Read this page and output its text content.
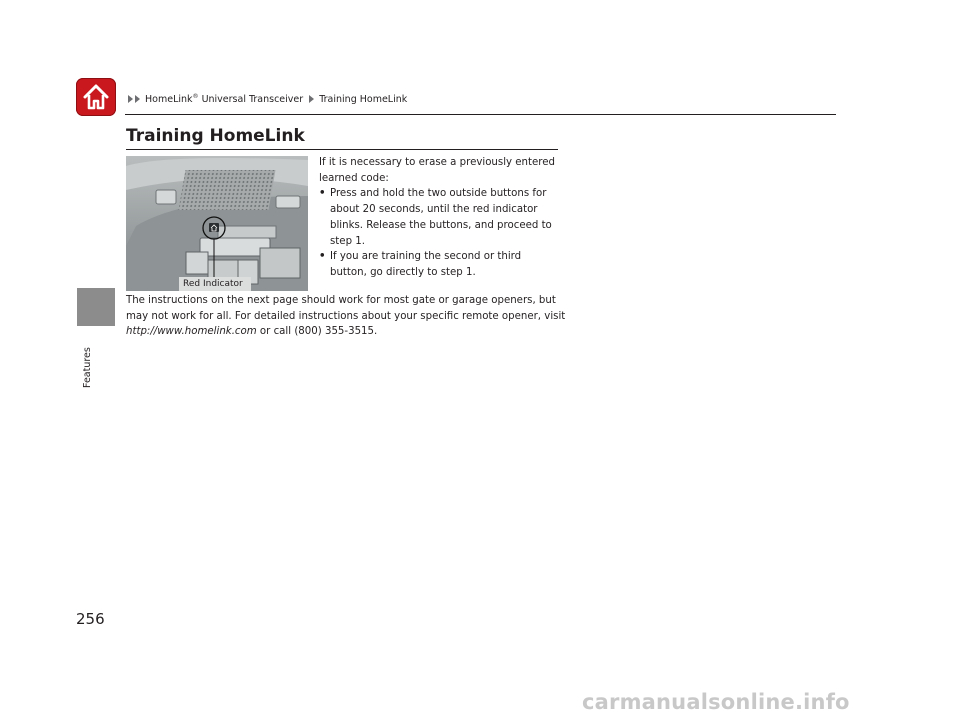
HomeLink® Universal Transceiver Training HomeLink
Features
Training HomeLink
Red Indicator

If it is necessary to erase a previously entered learned code:

• Press and hold the two outside buttons for about 20 seconds, until the red indicator blinks. Release the buttons, and proceed to step 1.
• If you are training the second or third button, go directly to step 1.

The instructions on the next page should work for most gate or garage openers, but may not work for all. For detailed instructions about your specific remote opener, visit http://www.homelink.com or call (800) 355-3515.

256
carmanualsonline.info
